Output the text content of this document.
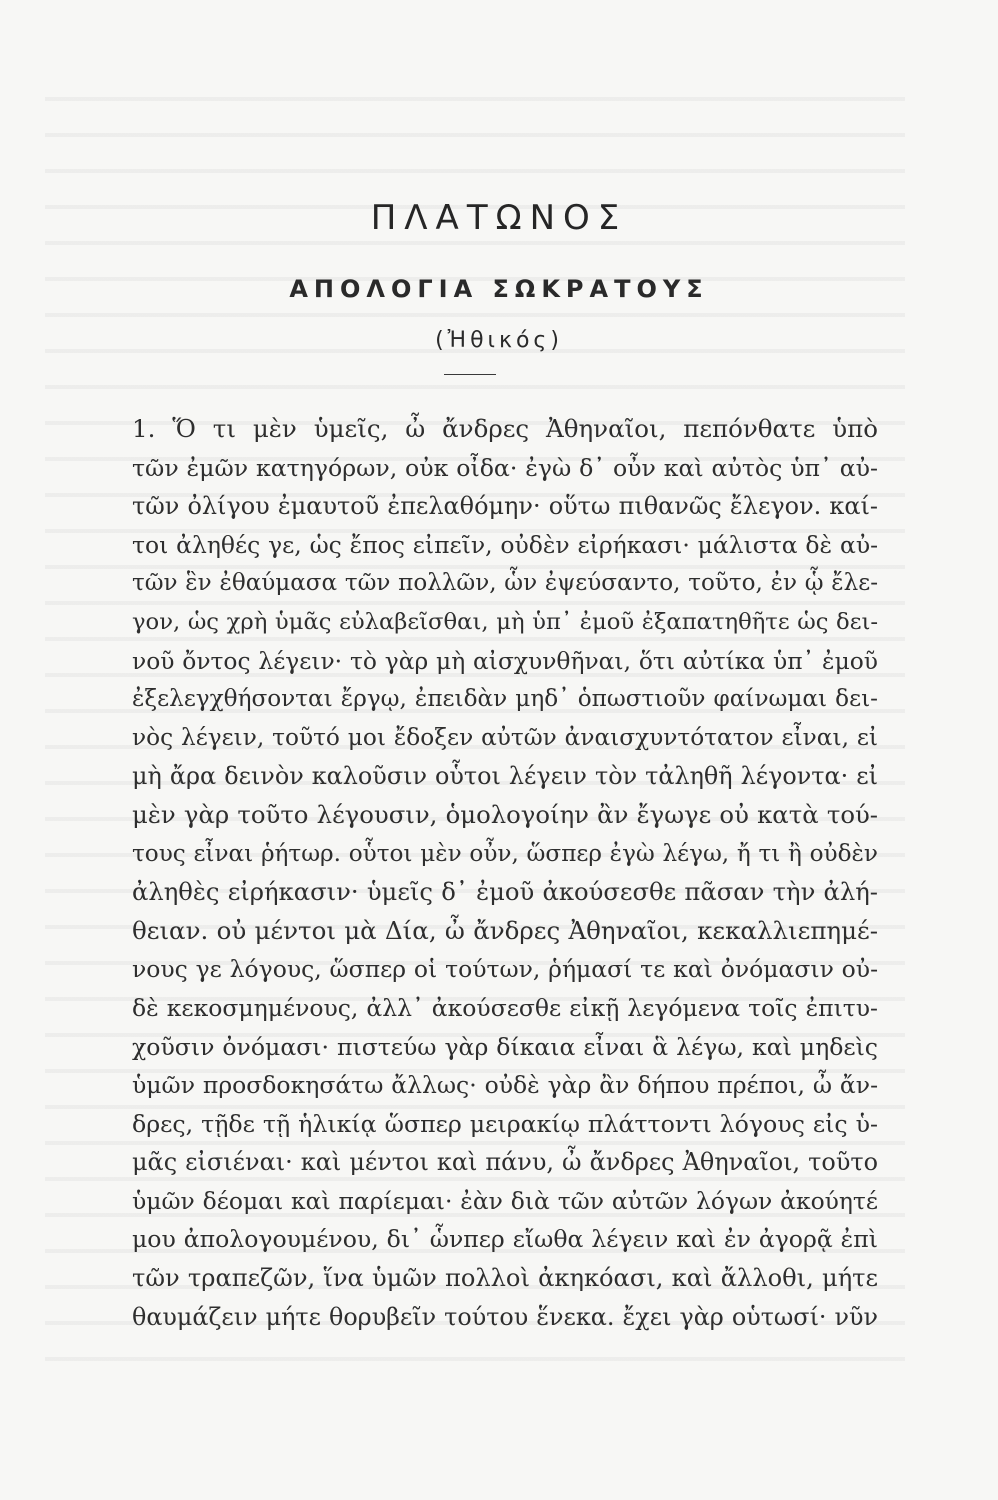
ΠΛΑΤΩΝΟΣ
ΑΠΟΛΟΓΙΑ ΣΩΚΡΑΤΟΥΣ
(Ἠθικός)
1. Ὅ τι μὲν ὑμεῖς, ὦ ἄνδρες Ἀθηναῖοι, πεπόνθατε ὑπὸ
τῶν ἐμῶν κατηγόρων, οὐκ οἶδα· ἐγὼ δ᾽ οὖν καὶ αὐτὸς ὑπ᾽ αὐ-
τῶν ὀλίγου ἐμαυτοῦ ἐπελαθόμην· οὕτω πιθανῶς ἔλεγον. καί-
τοι ἀληθές γε, ὡς ἔπος εἰπεῖν, οὐδὲν εἰρήκασι· μάλιστα δὲ αὐ-
τῶν ἓν ἐθαύμασα τῶν πολλῶν, ὧν ἐψεύσαντο, τοῦτο, ἐν ᾧ ἔλε-
γον, ὡς χρὴ ὑμᾶς εὐλαβεῖσθαι, μὴ ὑπ᾽ ἐμοῦ ἐξαπατηθῆτε ὡς δει-
νοῦ ὄντος λέγειν· τὸ γὰρ μὴ αἰσχυνθῆναι, ὅτι αὐτίκα ὑπ᾽ ἐμοῦ
ἐξελεγχθήσονται ἔργῳ, ἐπειδὰν μηδ᾽ ὁπωστιοῦν φαίνωμαι δει-
νὸς λέγειν, τοῦτό μοι ἔδοξεν αὐτῶν ἀναισχυντότατον εἶναι, εἰ
μὴ ἄρα δεινὸν καλοῦσιν οὗτοι λέγειν τὸν τἀληθῆ λέγοντα· εἰ
μὲν γὰρ τοῦτο λέγουσιν, ὁμολογοίην ἂν ἔγωγε οὐ κατὰ τού-
τους εἶναι ῥήτωρ. οὗτοι μὲν οὖν, ὥσπερ ἐγὼ λέγω, ἤ τι ἢ οὐδὲν
ἀληθὲς εἰρήκασιν· ὑμεῖς δ᾽ ἐμοῦ ἀκούσεσθε πᾶσαν τὴν ἀλή-
θειαν. οὐ μέντοι μὰ Δία, ὦ ἄνδρες Ἀθηναῖοι, κεκαλλιεπημέ-
νους γε λόγους, ὥσπερ οἱ τούτων, ῥήμασί τε καὶ ὀνόμασιν οὐ-
δὲ κεκοσμημένους, ἀλλ᾽ ἀκούσεσθε εἰκῇ λεγόμενα τοῖς ἐπιτυ-
χοῦσιν ὀνόμασι· πιστεύω γὰρ δίκαια εἶναι ἃ λέγω, καὶ μηδεὶς
ὑμῶν προσδοκησάτω ἄλλως· οὐδὲ γὰρ ἂν δήπου πρέποι, ὦ ἄν-
δρες, τῇδε τῇ ἡλικίᾳ ὥσπερ μειρακίῳ πλάττοντι λόγους εἰς ὑ-
μᾶς εἰσιέναι· καὶ μέντοι καὶ πάνυ, ὦ ἄνδρες Ἀθηναῖοι, τοῦτο
ὑμῶν δέομαι καὶ παρίεμαι· ἐὰν διὰ τῶν αὐτῶν λόγων ἀκούητέ
μου ἀπολογουμένου, δι᾽ ὧνπερ εἴωθα λέγειν καὶ ἐν ἀγορᾷ ἐπὶ
τῶν τραπεζῶν, ἵνα ὑμῶν πολλοὶ ἀκηκόασι, καὶ ἄλλοθι, μήτε
θαυμάζειν μήτε θορυβεῖν τούτου ἕνεκα. ἔχει γὰρ οὑτωσί· νῦν
